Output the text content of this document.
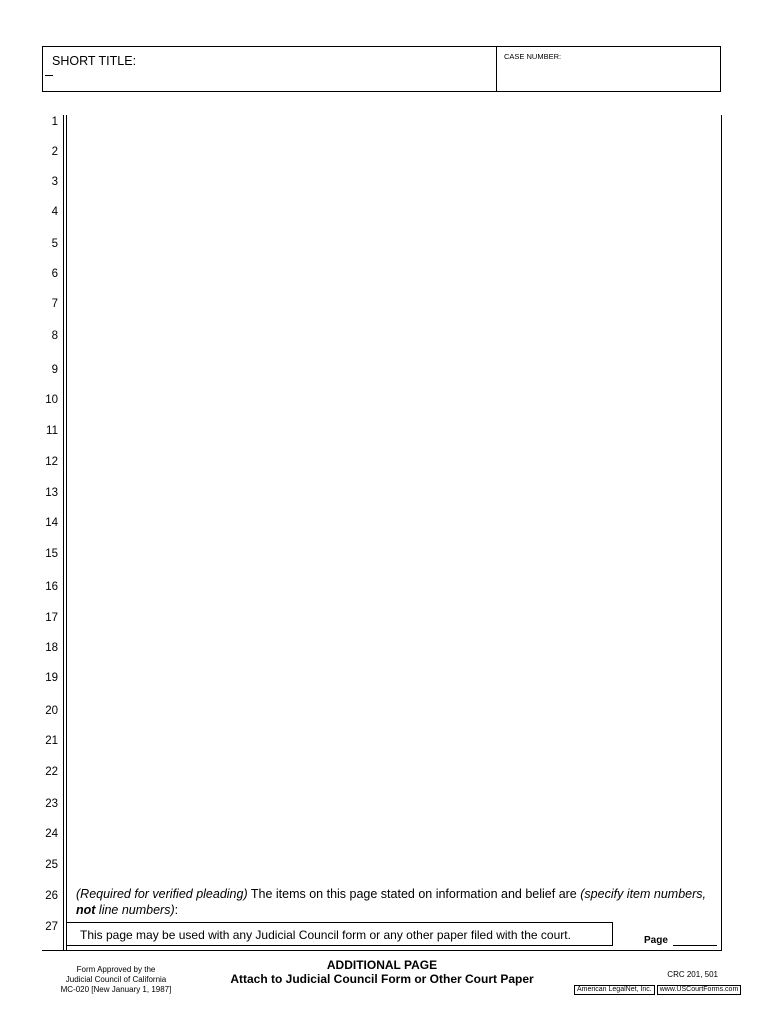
SHORT TITLE:	CASE NUMBER:
1
2
3
4
5
6
7
8
9
10
11
12
13
14
15
16
17
18
19
20
21
22
23
24
25
26
27
(Required for verified pleading) The items on this page stated on information and belief are (specify item numbers, not line numbers):
This page may be used with any Judicial Council form or any other paper filed with the court.	Page
Form Approved by the
Judicial Council of California
MC-020 [New January 1, 1987]
ADDITIONAL PAGE
Attach to Judicial Council Form or Other Court Paper	CRC 201, 501
American LegalNet, Inc.	www.USCourtForms.com
